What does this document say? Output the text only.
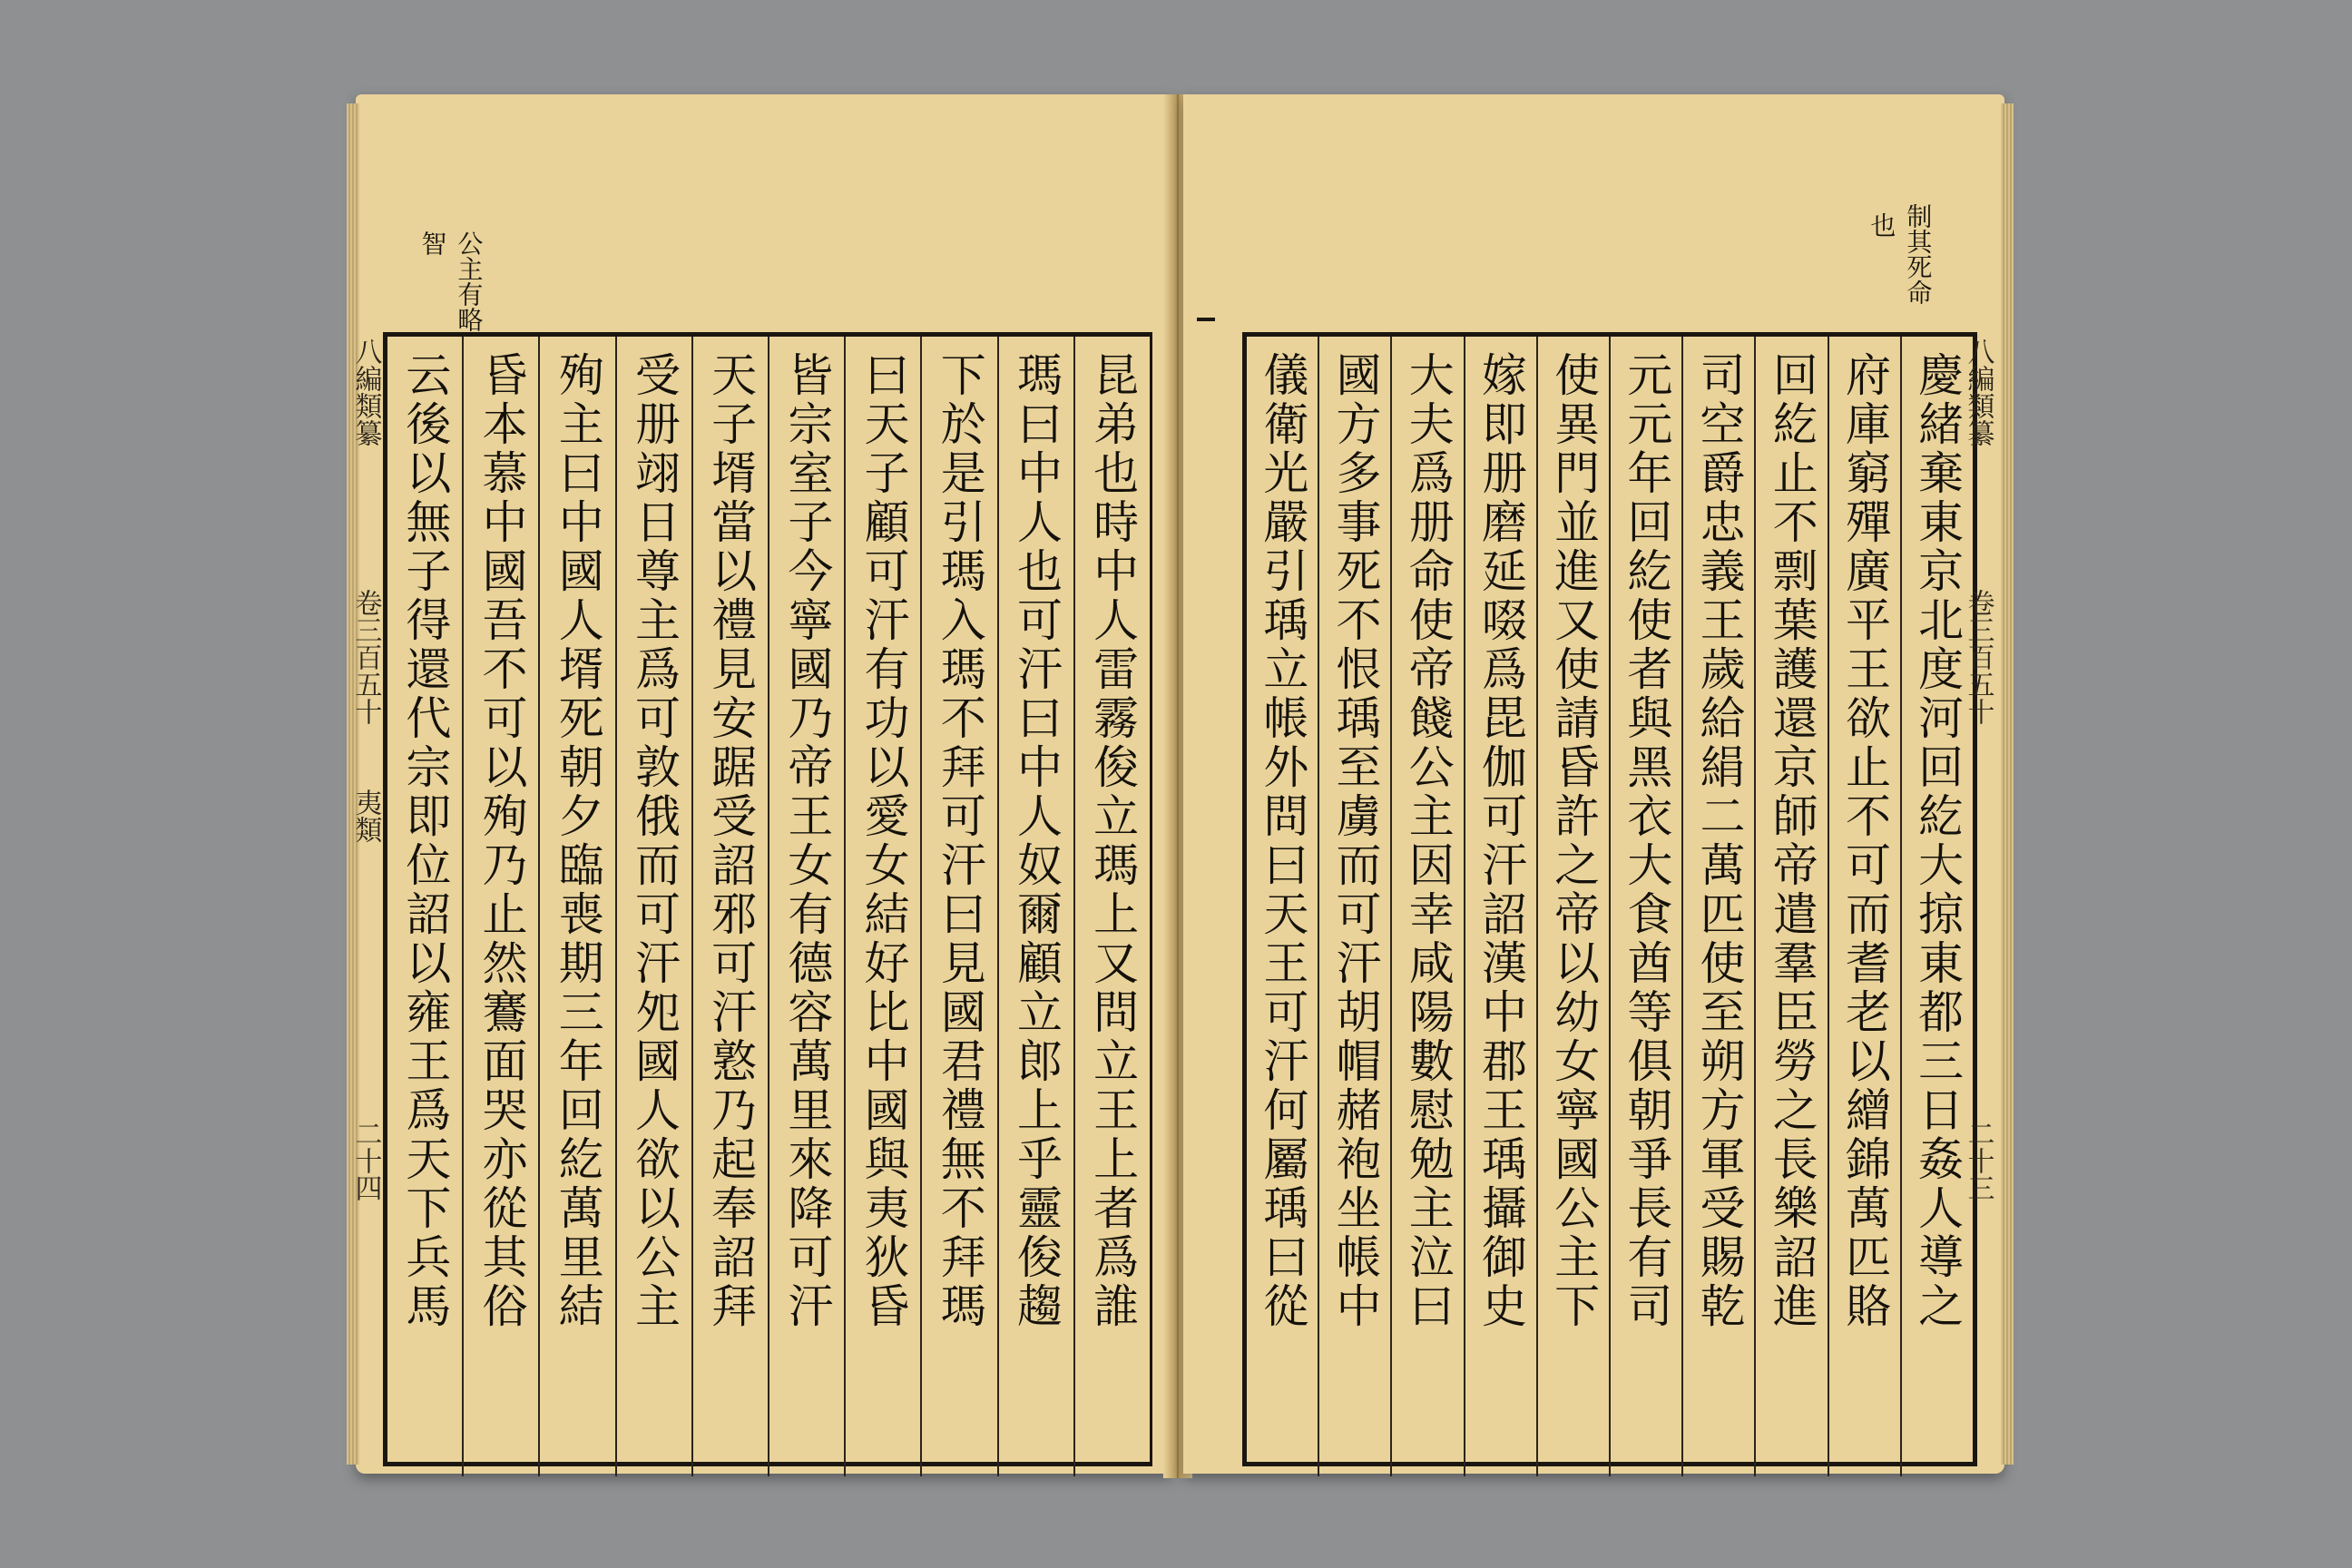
公主有略
智
昆弟也時中人雷霧俊立瑪上又問立王上者爲誰
瑪曰中人也可汗曰中人奴爾顧立郎上乎靈俊趨
下於是引瑪入瑪不拜可汗曰見國君禮無不拜瑪
曰天子顧可汗有功以愛女結好比中國與夷狄昏
皆宗室子今寧國乃帝王女有德容萬里來降可汗
天子壻當以禮見安踞受詔邪可汗憝乃起奉詔拜
受册翊日尊主爲可敦俄而可汗夗國人欲以公主
殉主曰中國人壻死朝夕臨喪期三年回紇萬里結
昏本慕中國吾不可以殉乃止然鶱面哭亦從其俗
云後以無子得還代宗即位詔以雍王爲天下兵馬
八編類纂
卷三百五十
夷類
二十四
制其死命
也
慶緒棄東京北度河回紇大掠東都三日姦人導之
府庫窮殫廣平王欲止不可而耆老以繒錦萬匹賂
回紇止不剽葉護還京師帝遣羣臣勞之長樂詔進
司空爵忠義王歲給絹二萬匹使至朔方軍受賜乾
元元年回紇使者與黑衣大食酋等俱朝爭長有司
使異門並進又使請昏許之帝以幼女寧國公主下
嫁即册磨延啜爲毘伽可汗詔漢中郡王瑀攝御史
大夫爲册命使帝餞公主因幸咸陽數慰勉主泣曰
國方多事死不恨瑀至虜而可汗胡帽赭袍坐帳中
儀衛光嚴引瑀立帳外問曰天王可汗何屬瑀曰從	八編類纂
卷三百五十
二十三
